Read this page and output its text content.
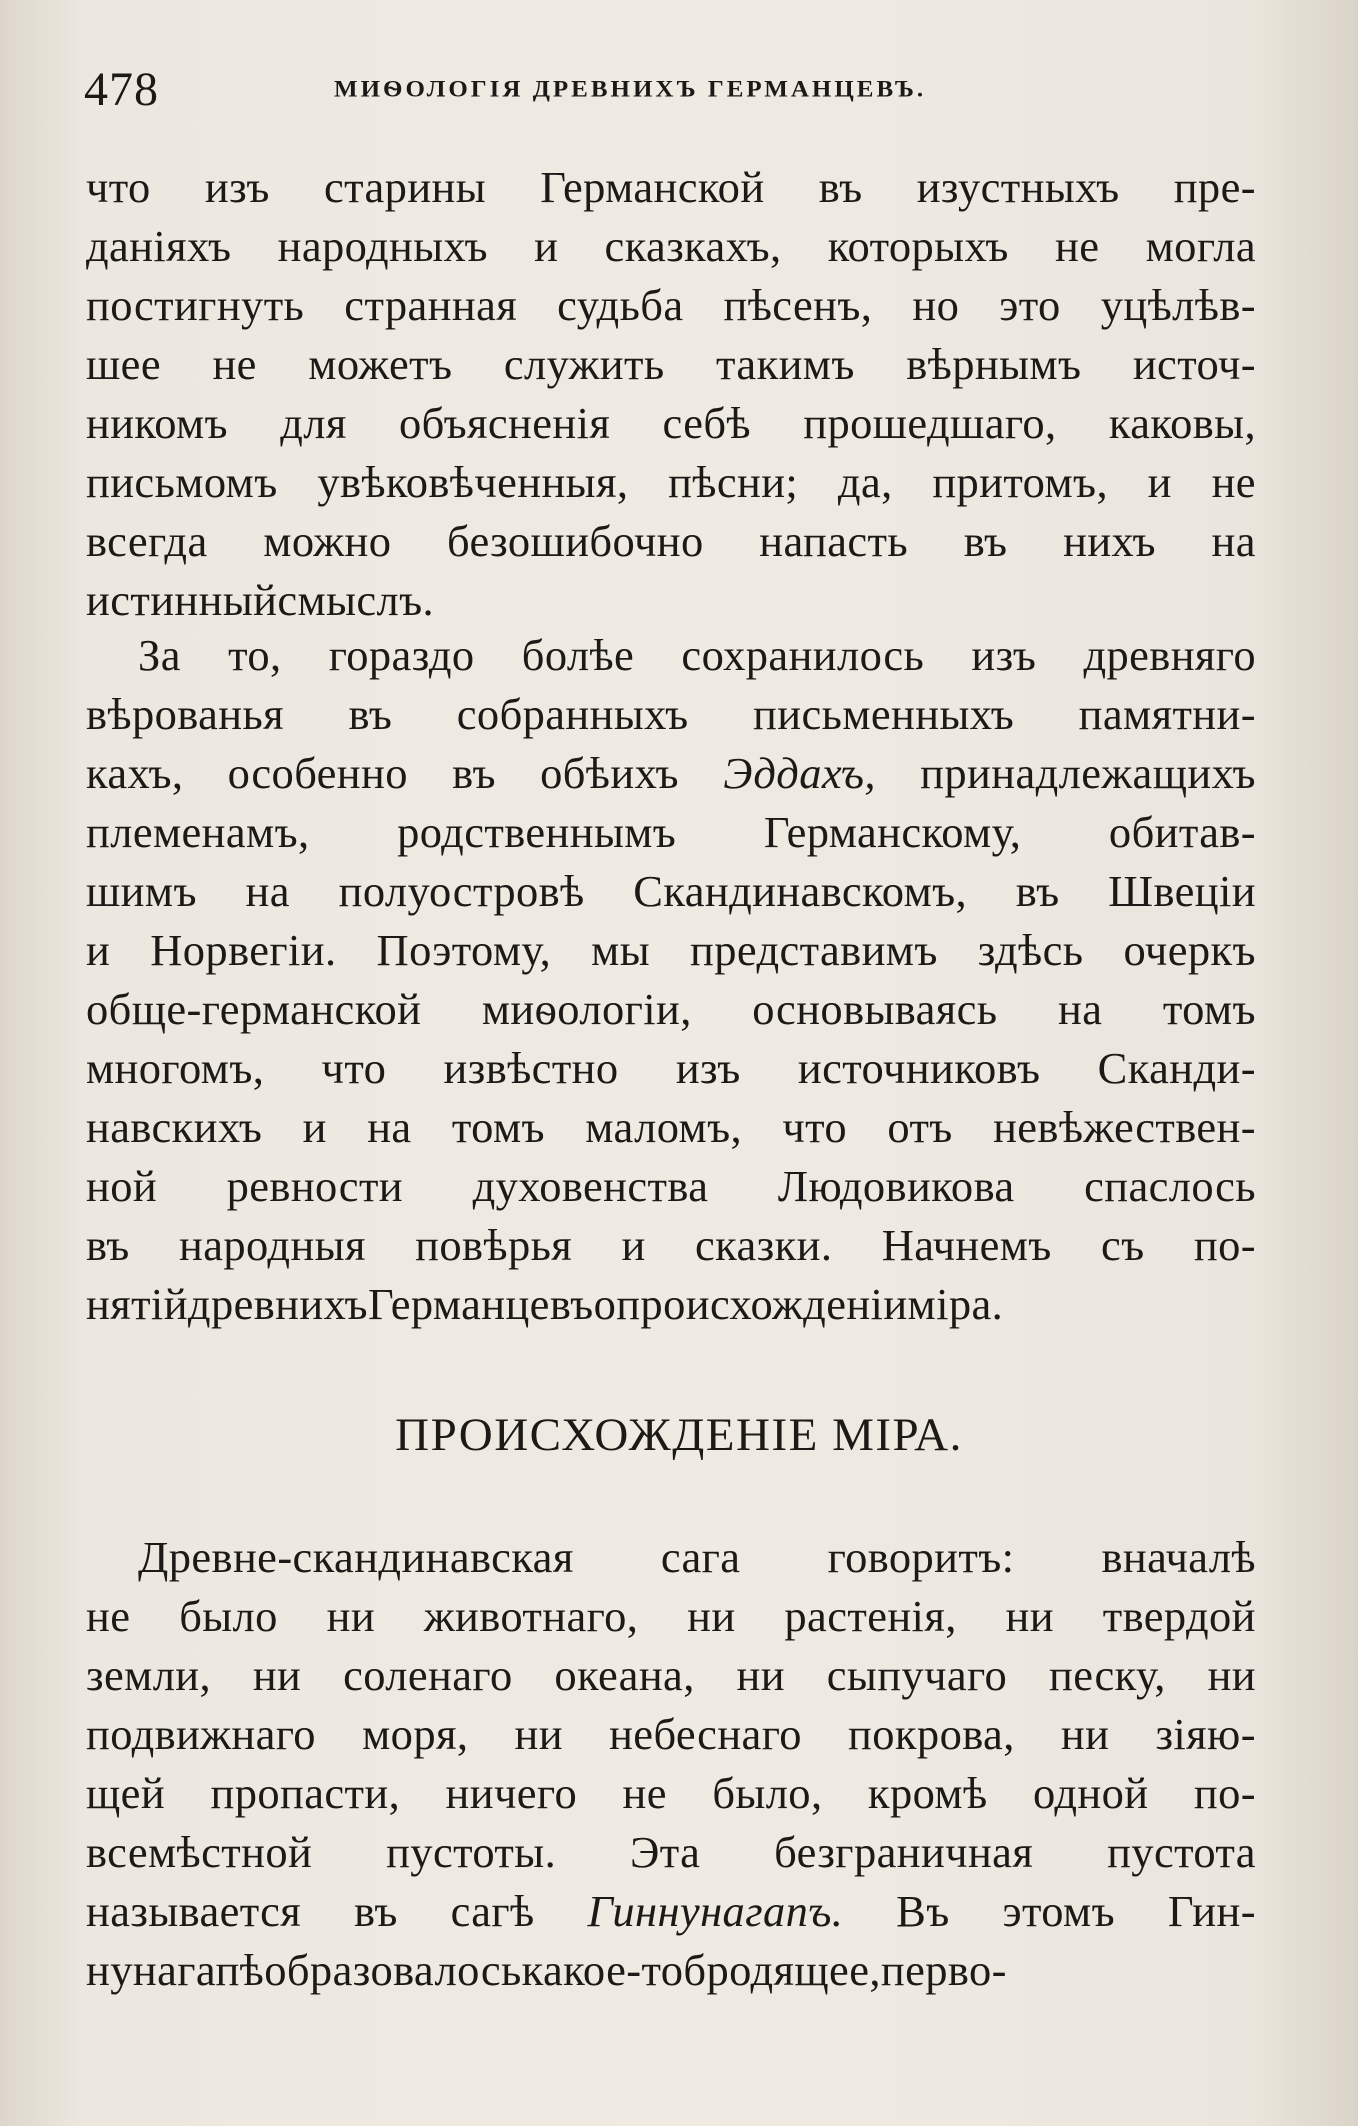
478	МИѲОЛОГІЯ ДРЕВНИХЪ ГЕРМАНЦЕВЪ.
что изъ старины Германской въ изустныхъ пре-
даніяхъ народныхъ и сказкахъ, которыхъ не могла
постигнуть странная судьба пѣсенъ, но это уцѣлѣв-
шее не можетъ служить такимъ вѣрнымъ источ-
никомъ для объясненія себѣ прошедшаго, каковы,
письмомъ увѣковѣченныя, пѣсни; да, притомъ, и не
всегда можно безошибочно напасть въ нихъ на
истинный смыслъ.
За то, гораздо болѣе сохранилось изъ древняго
вѣрованья въ собранныхъ письменныхъ памятни-
кахъ, особенно въ обѣихъ Эддахъ, принадлежащихъ
племенамъ, родственнымъ Германскому, обитав-
шимъ на полуостровѣ Скандинавскомъ, въ Швеціи
и Норвегіи. Поэтому, мы представимъ здѣсь очеркъ
обще-германской миѳологіи, основываясь на томъ
многомъ, что извѣстно изъ источниковъ Сканди-
навскихъ и на томъ маломъ, что отъ невѣжествен-
ной ревности духовенства Людовикова спаслось
въ народныя повѣрья и сказки. Начнемъ съ по-
нятій древнихъ Германцевъ о происхожденіи міра.
ПРОИСХОЖДЕНІЕ МІРА.
Древне-скандинавская сага говоритъ: вначалѣ
не было ни животнаго, ни растенія, ни твердой
земли, ни соленаго океана, ни сыпучаго песку, ни
подвижнаго моря, ни небеснаго покрова, ни зіяю-
щей пропасти, ничего не было, кромѣ одной по-
всемѣстной пустоты. Эта безграничная пустота
называется въ сагѣ Гиннунагапъ. Въ этомъ Гин-
нунагапѣ образовалось какое-то бродящее, перво-
